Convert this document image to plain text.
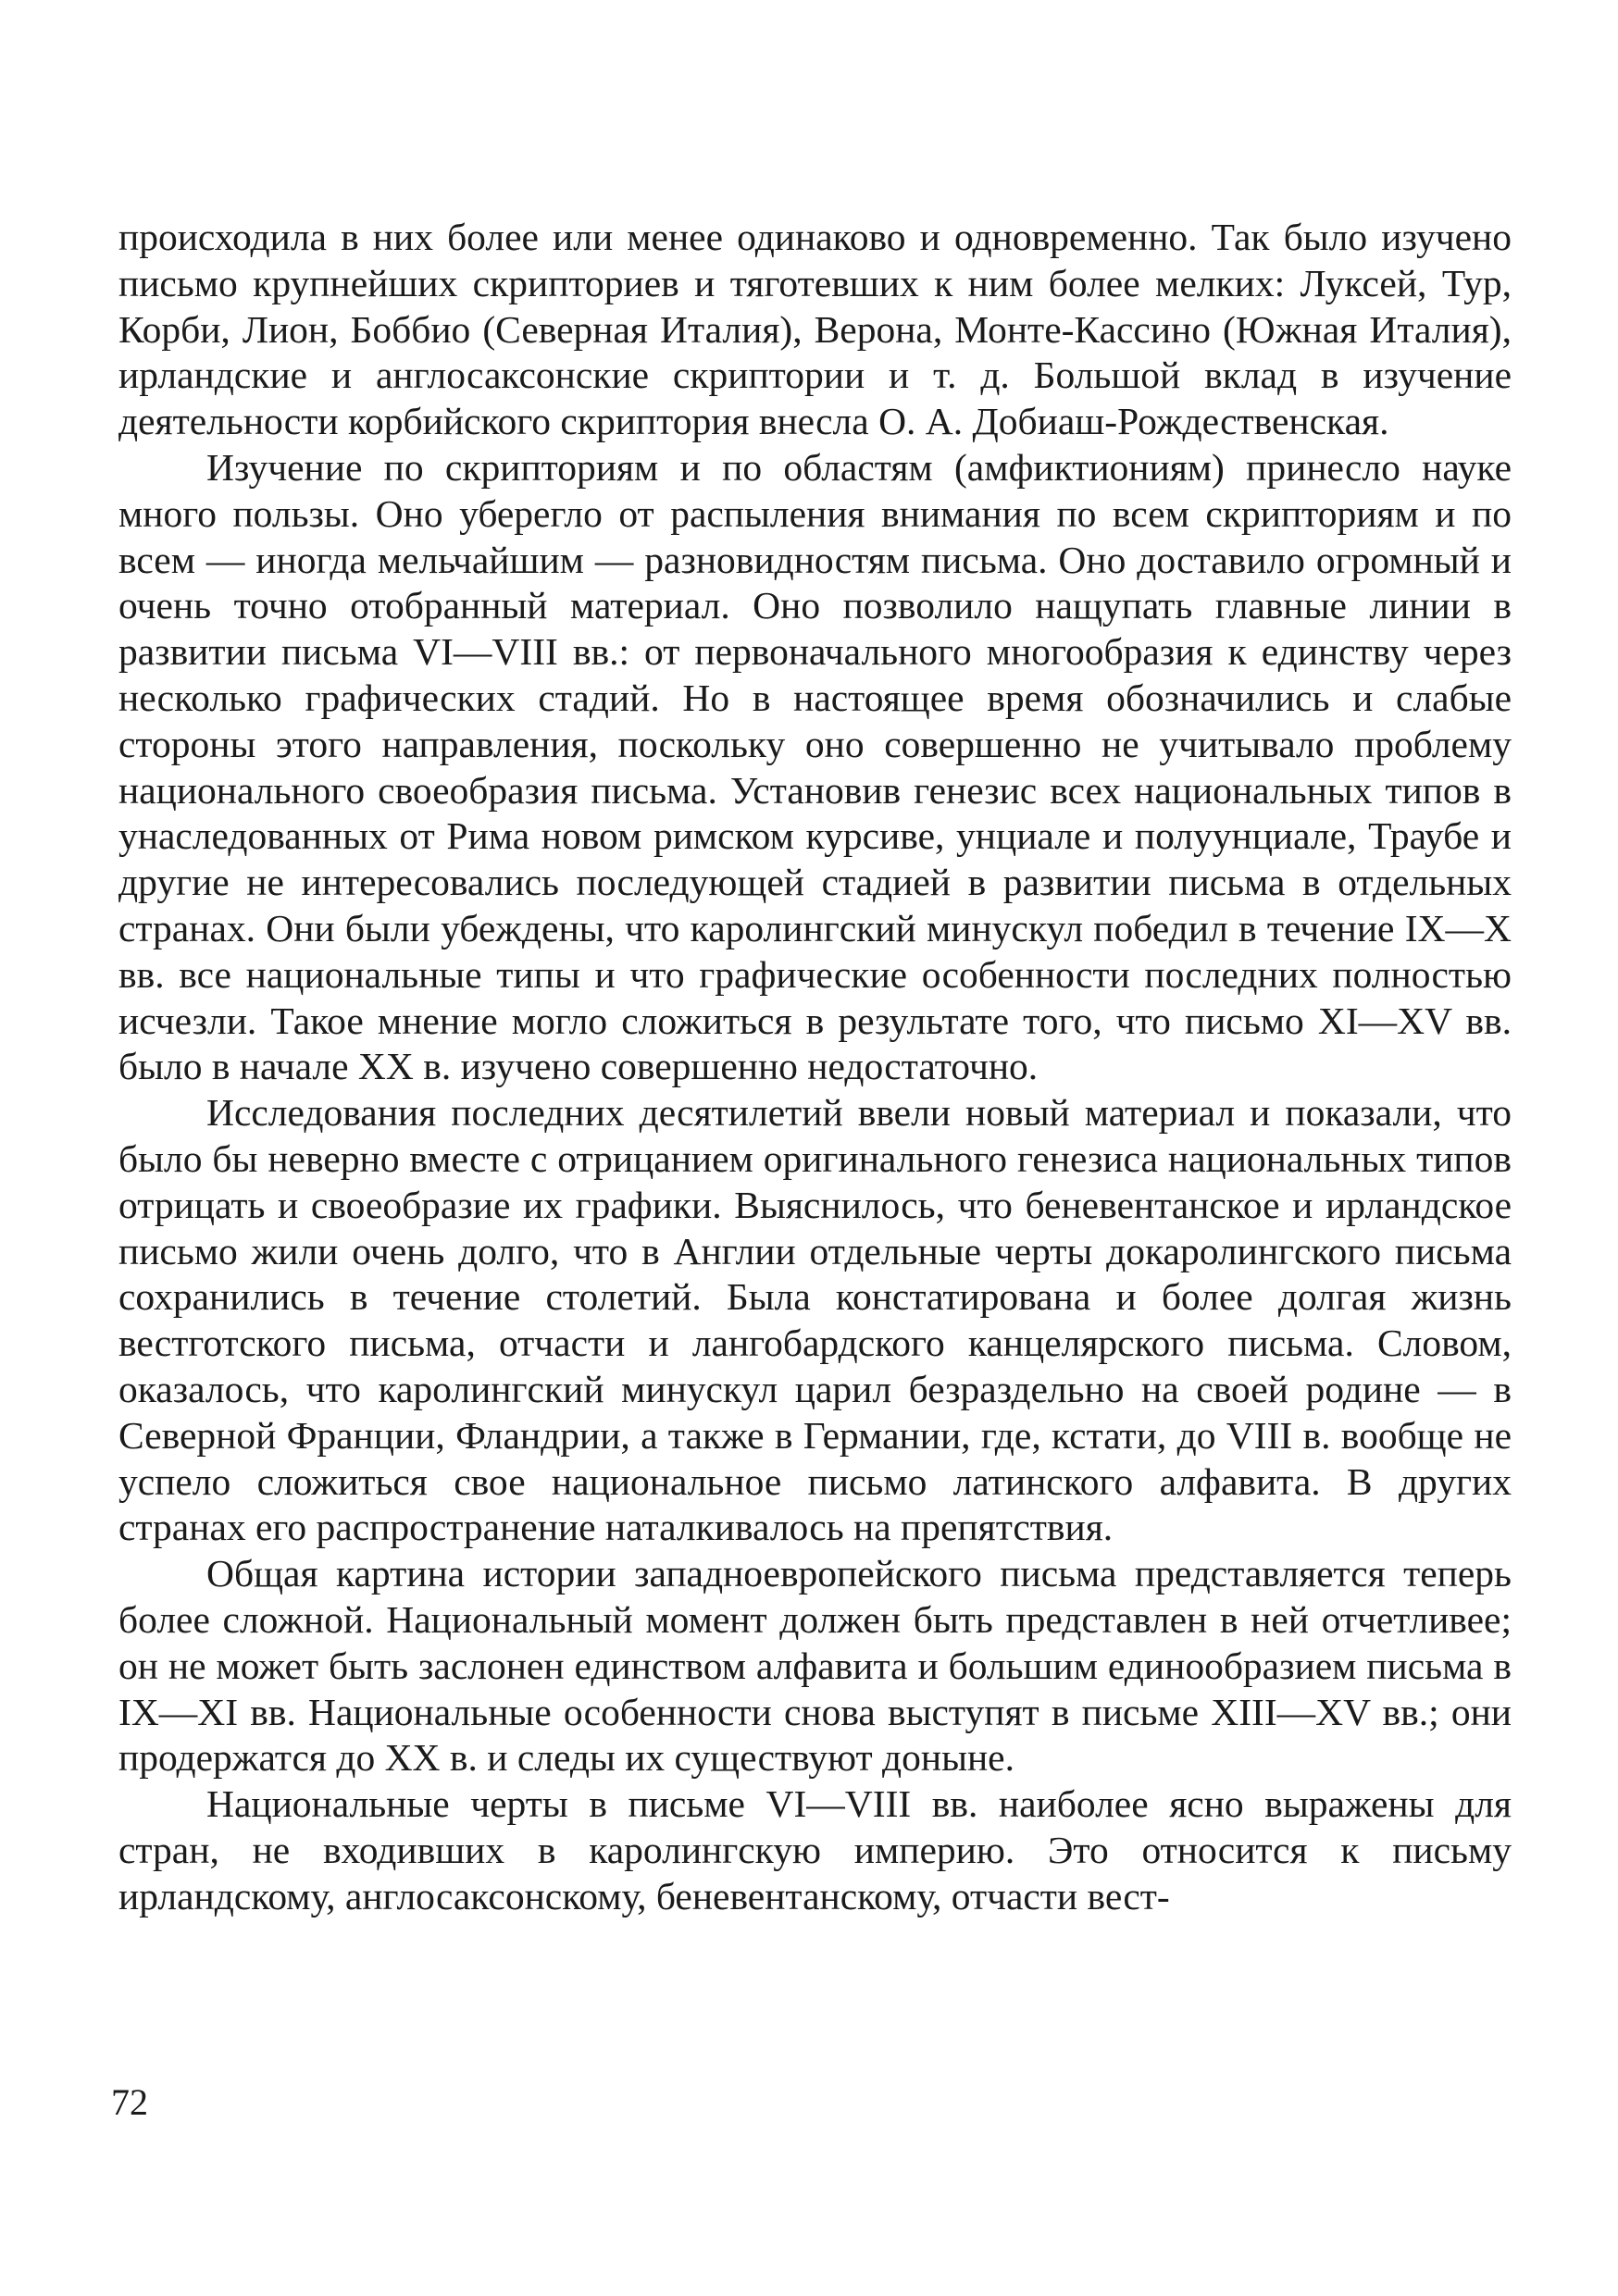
происходила в них более или менее одинаково и одновременно. Так было изучено письмо крупнейших скрипториев и тяготевших к ним более мелких: Луксей, Тур, Корби, Лион, Боббио (Северная Италия), Верона, Монте-Кассино (Южная Италия), ирландские и англосаксонские скриптории и т. д. Большой вклад в изучение деятельности корбийского скриптория внесла О. А. Добиаш-Рождественская.

Изучение по скрипториям и по областям (амфиктиониям) принесло науке много пользы. Оно уберегло от распыления внимания по всем скрипториям и по всем — иногда мельчайшим — разновидностям письма. Оно доставило огромный и очень точно отобранный материал. Оно позволило нащупать главные линии в развитии письма VI—VIII вв.: от первоначального многообразия к единству через несколько графических стадий. Но в настоящее время обозначились и слабые стороны этого направления, поскольку оно совершенно не учитывало проблему национального своеобразия письма. Установив генезис всех национальных типов в унаследованных от Рима новом римском курсиве, унциале и полуунциале, Траубе и другие не интересовались последующей стадией в развитии письма в отдельных странах. Они были убеждены, что каролингский минускул победил в течение IX—X вв. все национальные типы и что графические особенности последних полностью исчезли. Такое мнение могло сложиться в результате того, что письмо XI—XV вв. было в начале XX в. изучено совершенно недостаточно.

Исследования последних десятилетий ввели новый материал и показали, что было бы неверно вместе с отрицанием оригинального генезиса национальных типов отрицать и своеобразие их графики. Выяснилось, что беневентанское и ирландское письмо жили очень долго, что в Англии отдельные черты докаролингского письма сохранились в течение столетий. Была констатирована и более долгая жизнь вестготского письма, отчасти и лангобардского канцелярского письма. Словом, оказалось, что каролингский минускул царил безраздельно на своей родине — в Северной Франции, Фландрии, а также в Германии, где, кстати, до VIII в. вообще не успело сложиться свое национальное письмо латинского алфавита. В других странах его распространение наталкивалось на препятствия.

Общая картина истории западноевропейского письма представляется теперь более сложной. Национальный момент должен быть представлен в ней отчетливее; он не может быть заслонен единством алфавита и большим единообразием письма в IX—XI вв. Национальные особенности снова выступят в письме XIII—XV вв.; они продержатся до XX в. и следы их существуют доныне.

Национальные черты в письме VI—VIII вв. наиболее ясно выражены для стран, не входивших в каролингскую империю. Это относится к письму ирландскому, англосаксонскому, беневентанскому, отчасти вест-

72
